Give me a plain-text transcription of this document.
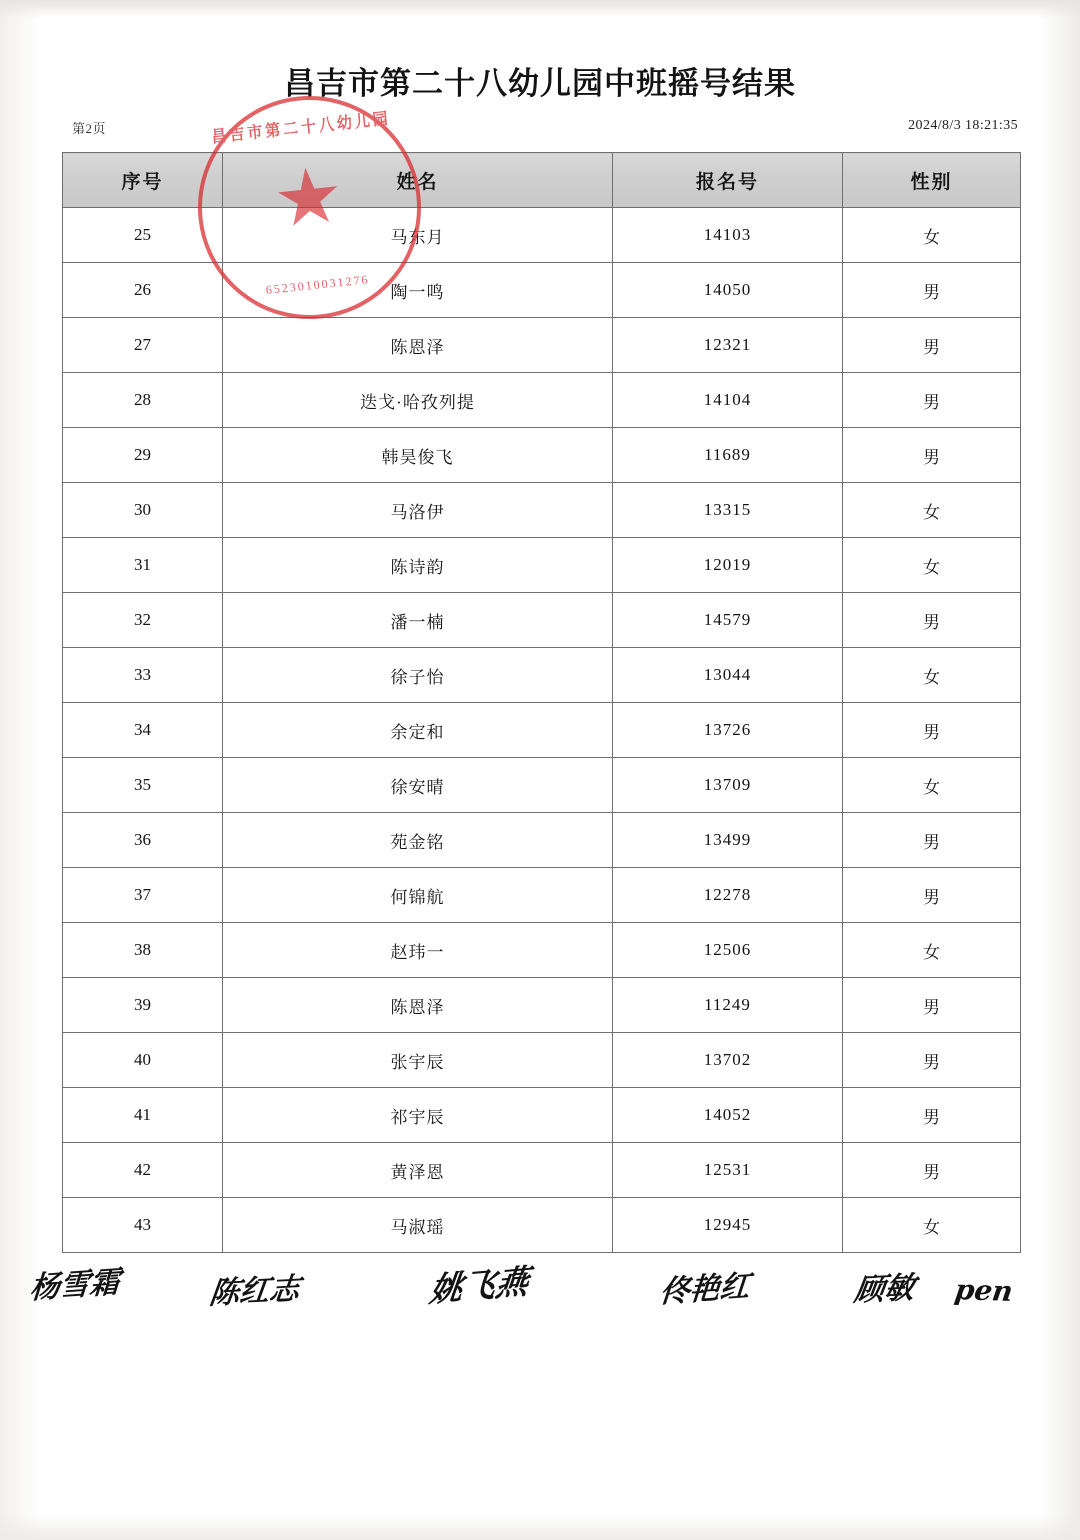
昌吉市第二十八幼儿园中班摇号结果
第2页	2024/8/3 18:21:35
序号	姓名	报名号	性别
25	马东月	14103	女
26	陶一鸣	14050	男
27	陈恩泽	12321	男
28	迭戈·哈孜列提	14104	男
29	韩昊俊飞	11689	男
30	马洛伊	13315	女
31	陈诗韵	12019	女
32	潘一楠	14579	男
33	徐子怡	13044	女
34	余定和	13726	男
35	徐安晴	13709	女
36	苑金铭	13499	男
37	何锦航	12278	男
38	赵玮一	12506	女
39	陈恩泽	11249	男
40	张宇辰	13702	男
41	祁宇辰	14052	男
42	黄泽恩	12531	男
43	马淑瑶	12945	女
昌吉市第二十八幼儿园
6523010031276
杨雪霜	陈红志	姚飞燕	佟艳红	顾敏 pen
